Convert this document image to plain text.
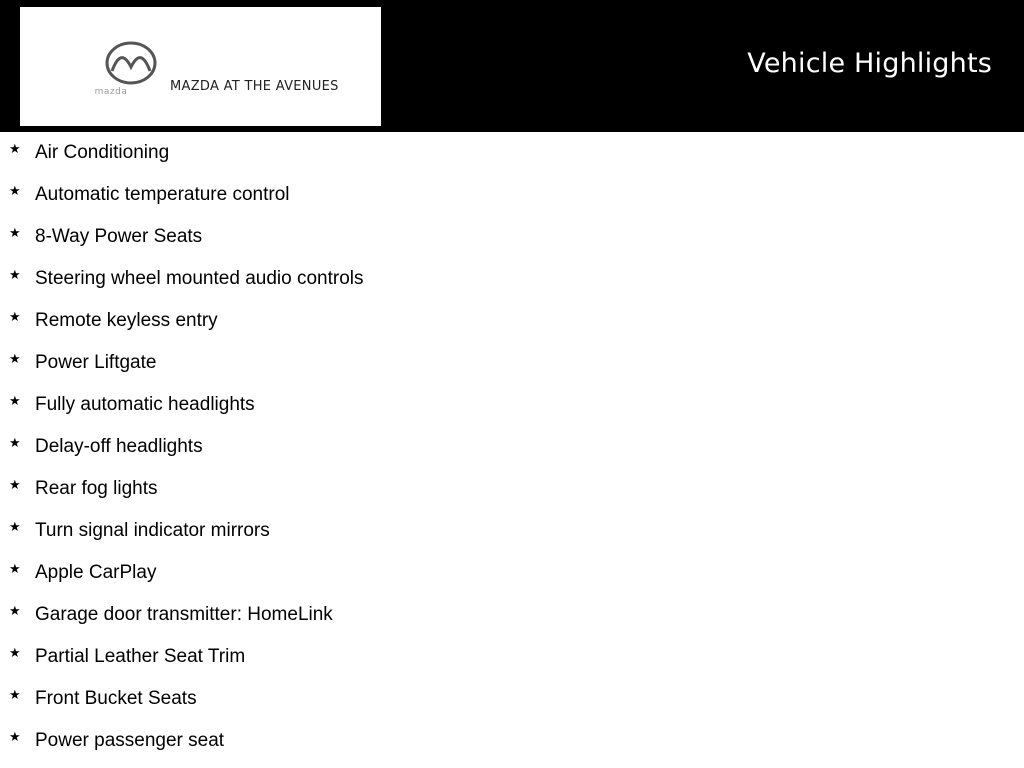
mazda	MAZDA AT THE AVENUES
Vehicle Highlights
★ Air Conditioning
★ Automatic temperature control
★ 8-Way Power Seats
★ Steering wheel mounted audio controls
★ Remote keyless entry
★ Power Liftgate
★ Fully automatic headlights
★ Delay-off headlights
★ Rear fog lights
★ Turn signal indicator mirrors
★ Apple CarPlay
★ Garage door transmitter: HomeLink
★ Partial Leather Seat Trim
★ Front Bucket Seats
★ Power passenger seat
